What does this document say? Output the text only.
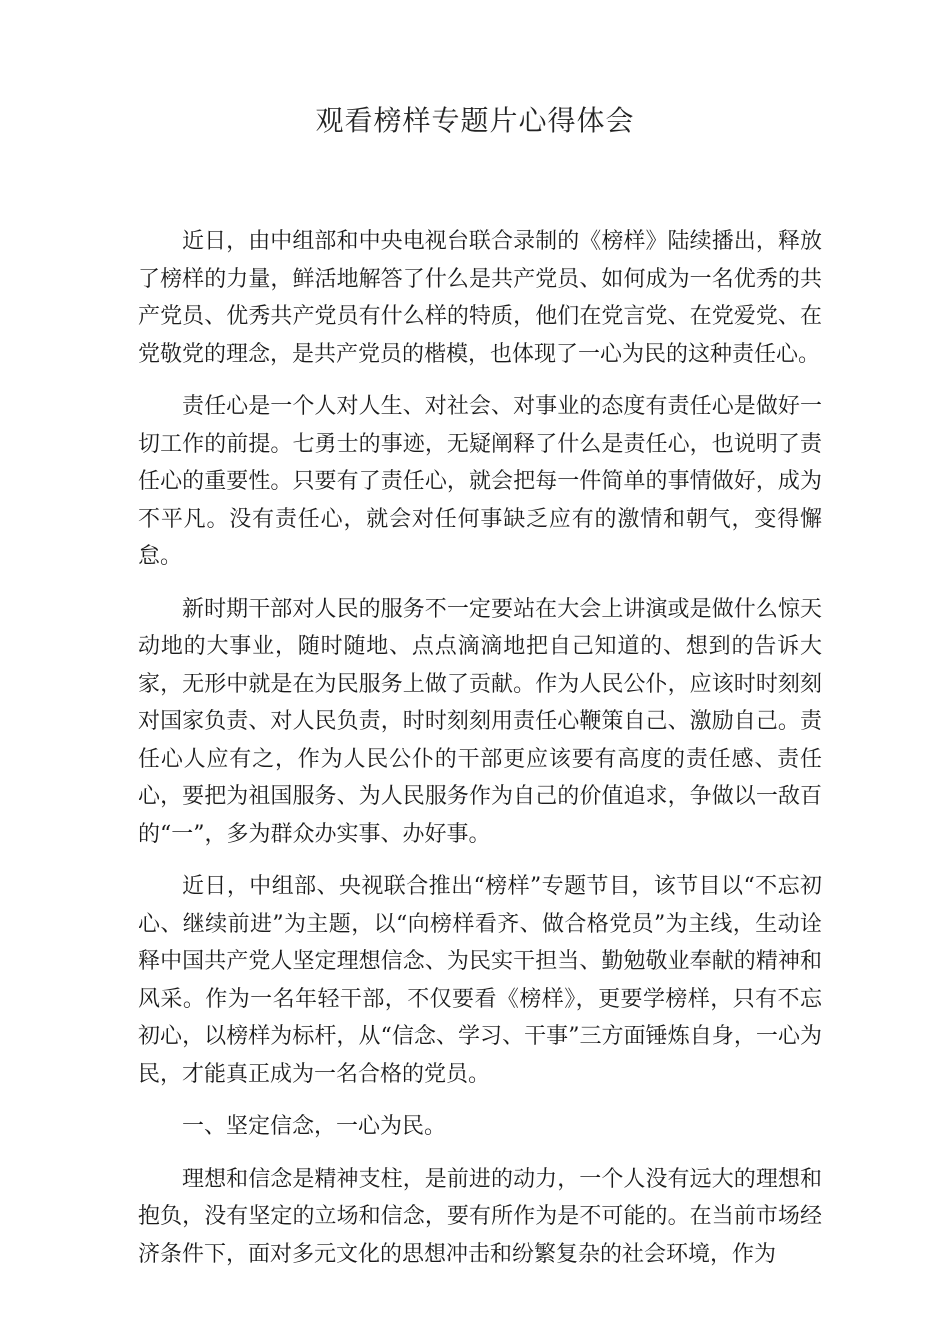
观看榜样专题片心得体会

近日，由中组部和中央电视台联合录制的《榜样》陆续播出，释放了榜样的力量，鲜活地解答了什么是共产党员、如何成为一名优秀的共产党员、优秀共产党员有什么样的特质，他们在党言党、在党爱党、在党敬党的理念，是共产党员的楷模，也体现了一心为民的这种责任心。

责任心是一个人对人生、对社会、对事业的态度有责任心是做好一切工作的前提。七勇士的事迹，无疑阐释了什么是责任心，也说明了责任心的重要性。只要有了责任心，就会把每一件简单的事情做好，成为不平凡。没有责任心，就会对任何事缺乏应有的激情和朝气，变得懈怠。

新时期干部对人民的服务不一定要站在大会上讲演或是做什么惊天动地的大事业，随时随地、点点滴滴地把自己知道的、想到的告诉大家，无形中就是在为民服务上做了贡献。作为人民公仆，应该时时刻刻对国家负责、对人民负责，时时刻刻用责任心鞭策自己、激励自己。责任心人应有之，作为人民公仆的干部更应该要有高度的责任感、责任心，要把为祖国服务、为人民服务作为自己的价值追求，争做以一敌百的“一”，多为群众办实事、办好事。

近日，中组部、央视联合推出“榜样”专题节目，该节目以“不忘初心、继续前进”为主题，以“向榜样看齐、做合格党员”为主线，生动诠释中国共产党人坚定理想信念、为民实干担当、勤勉敬业奉献的精神和风采。作为一名年轻干部，不仅要看《榜样》，更要学榜样，只有不忘初心，以榜样为标杆，从“信念、学习、干事”三方面锤炼自身，一心为民，才能真正成为一名合格的党员。

一、坚定信念，一心为民。

理想和信念是精神支柱，是前进的动力，一个人没有远大的理想和抱负，没有坚定的立场和信念，要有所作为是不可能的。在当前市场经济条件下，面对多元文化的思想冲击和纷繁复杂的社会环境，作为
